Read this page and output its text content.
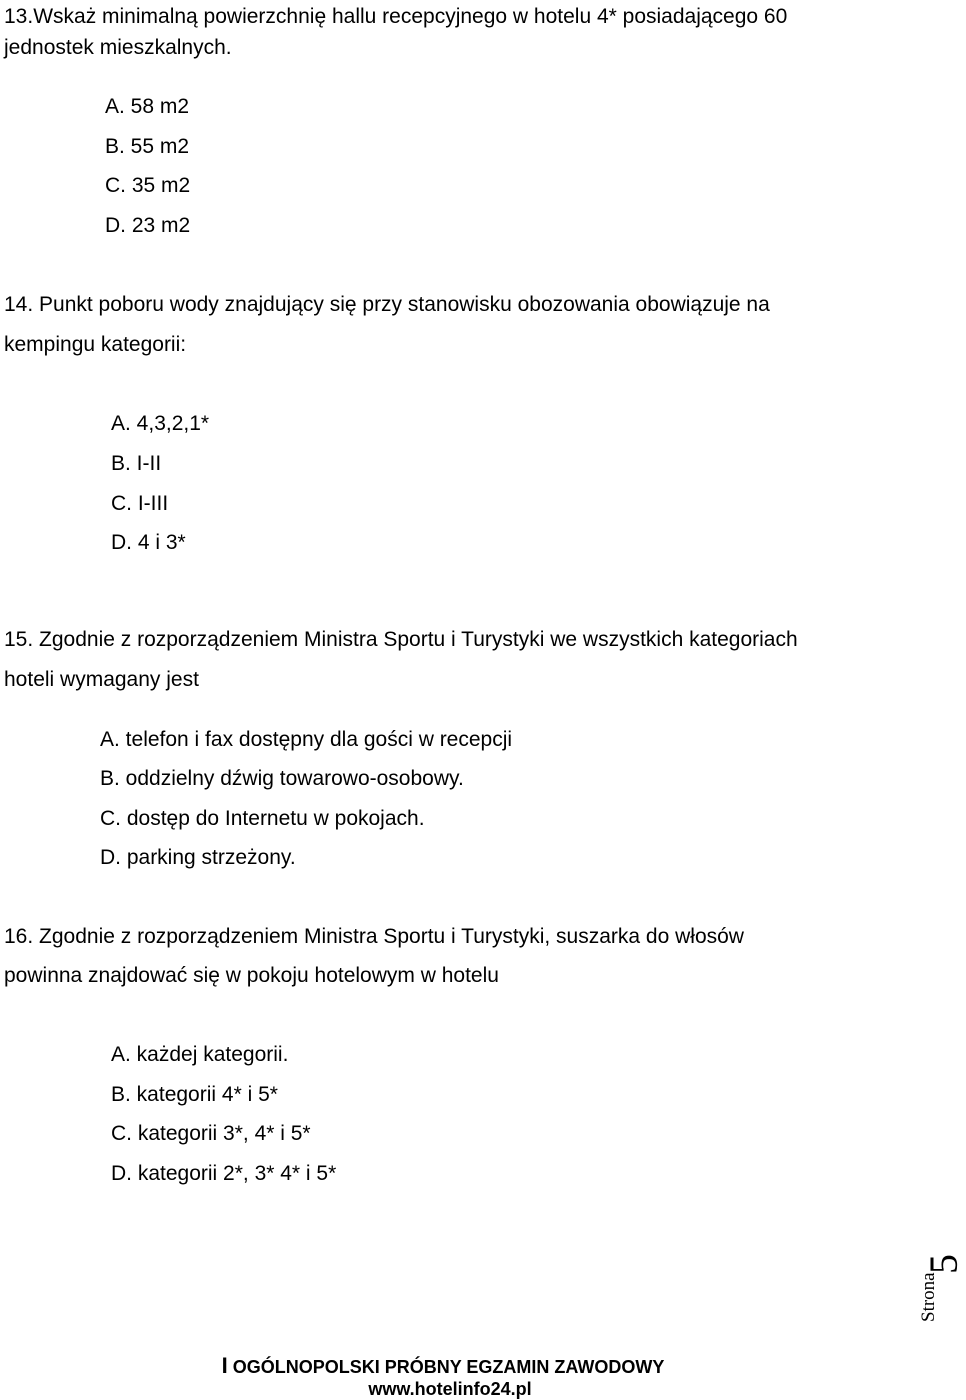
13.Wskaż minimalną powierzchnię hallu recepcyjnego w hotelu 4* posiadającego 60
jednostek mieszkalnych.
A. 58 m2
B. 55 m2
C. 35 m2
D. 23 m2
14. Punkt poboru wody znajdujący się przy stanowisku obozowania obowiązuje na
kempingu kategorii:
A. 4,3,2,1*
B. I-II
C. I-III
D. 4 i 3*
15. Zgodnie z rozporządzeniem Ministra Sportu i Turystyki we wszystkich kategoriach
hoteli wymagany jest
A. telefon i fax dostępny dla gości w recepcji
B. oddzielny dźwig towarowo-osobowy.
C. dostęp do Internetu w pokojach.
D. parking strzeżony.
16. Zgodnie z rozporządzeniem Ministra Sportu i Turystyki, suszarka do włosów
powinna znajdować się w pokoju hotelowym w hotelu
A. każdej kategorii.
B. kategorii 4* i 5*
C. kategorii 3*, 4* i 5*
D. kategorii 2*, 3* 4* i 5*
Strona
5
I OGÓLNOPOLSKI PRÓBNY EGZAMIN ZAWODOWY
www.hotelinfo24.pl
